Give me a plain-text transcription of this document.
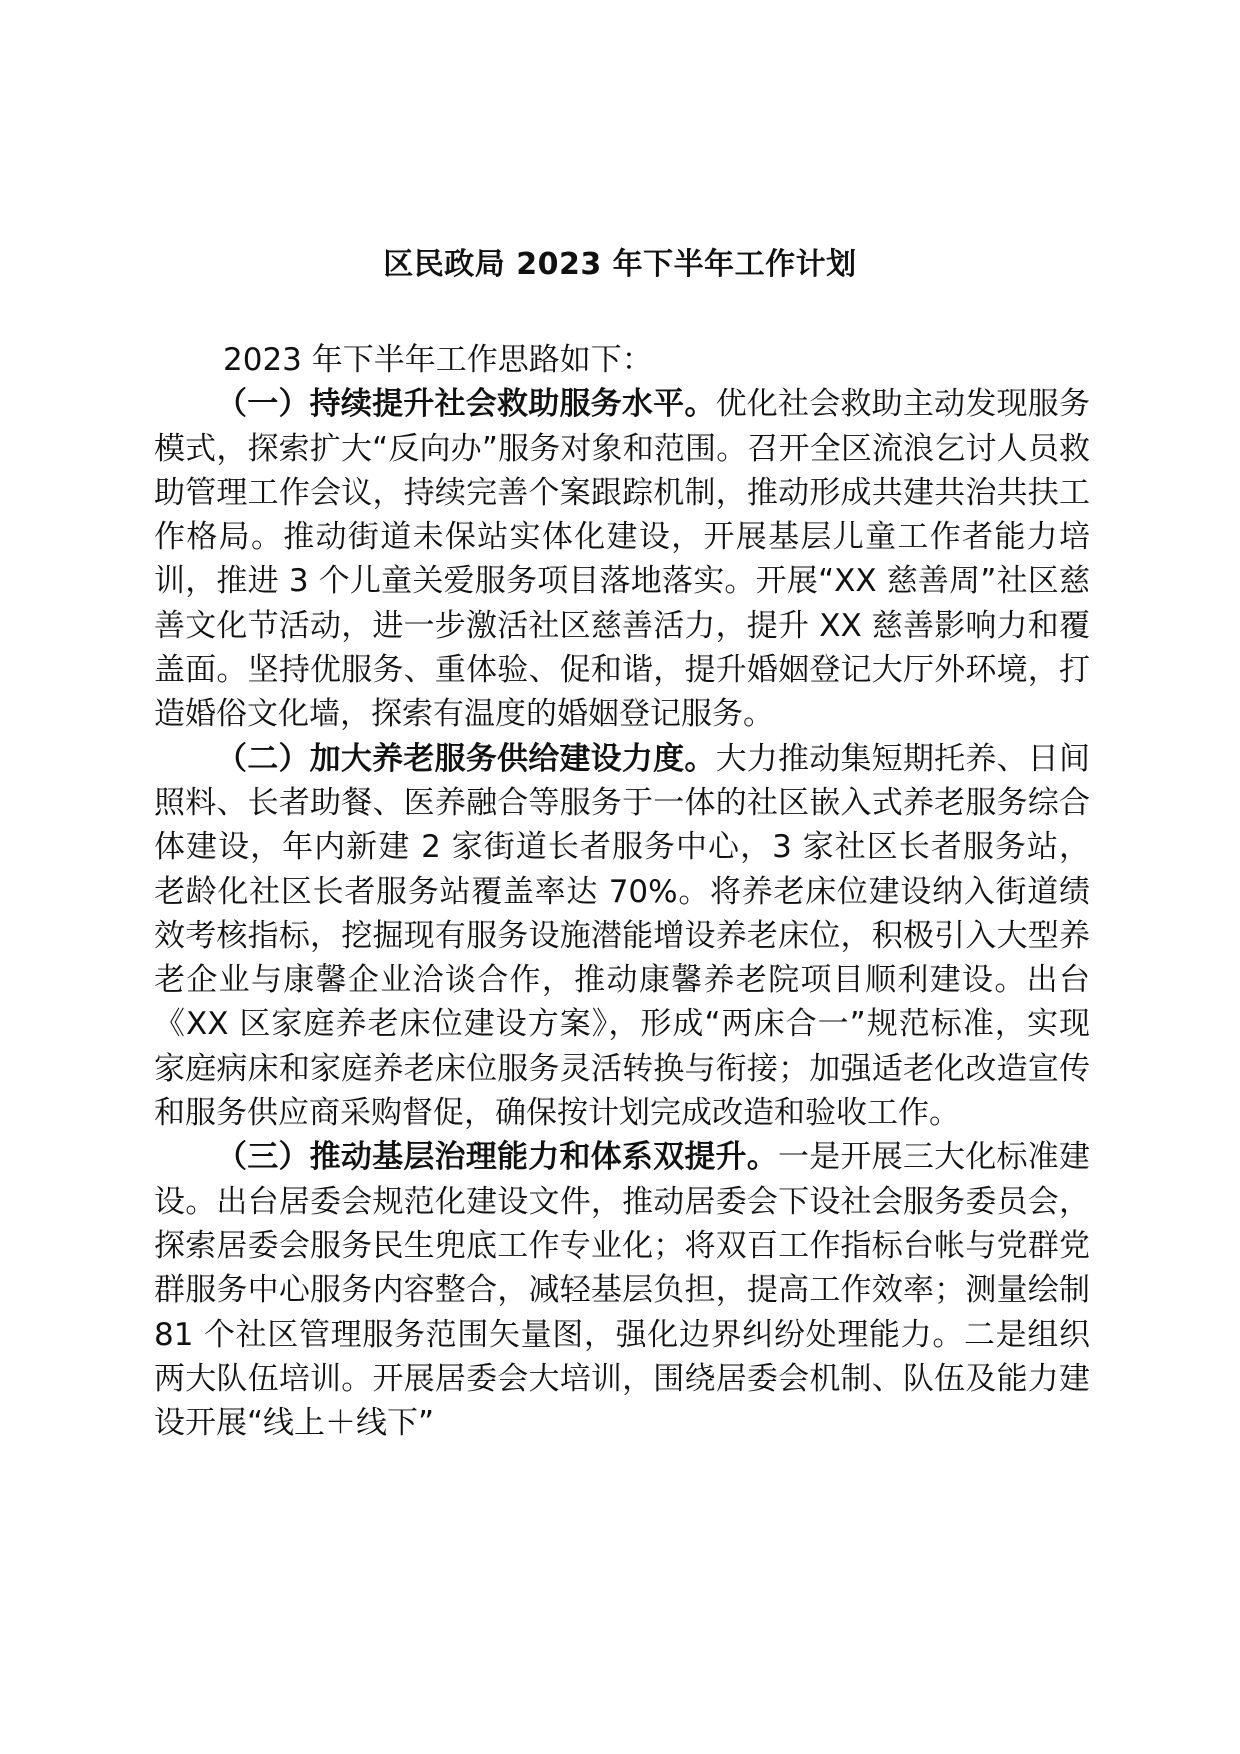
区民政局 2023 年下半年工作计划

2023 年下半年工作思路如下：

（一）持续提升社会救助服务水平。优化社会救助主动发现服务模式，探索扩大“反向办”服务对象和范围。召开全区流浪乞讨人员救助管理工作会议，持续完善个案跟踪机制，推动形成共建共治共扶工作格局。推动街道未保站实体化建设，开展基层儿童工作者能力培训，推进 3 个儿童关爱服务项目落地落实。开展“XX 慈善周”社区慈善文化节活动，进一步激活社区慈善活力，提升 XX 慈善影响力和覆盖面。坚持优服务、重体验、促和谐，提升婚姻登记大厅外环境，打造婚俗文化墙，探索有温度的婚姻登记服务。

（二）加大养老服务供给建设力度。大力推动集短期托养、日间照料、长者助餐、医养融合等服务于一体的社区嵌入式养老服务综合体建设，年内新建 2 家街道长者服务中心，3 家社区长者服务站，老龄化社区长者服务站覆盖率达 70%。将养老床位建设纳入街道绩效考核指标，挖掘现有服务设施潜能增设养老床位，积极引入大型养老企业与康馨企业洽谈合作，推动康馨养老院项目顺利建设。出台《XX 区家庭养老床位建设方案》，形成“两床合一”规范标准，实现家庭病床和家庭养老床位服务灵活转换与衔接；加强适老化改造宣传和服务供应商采购督促，确保按计划完成改造和验收工作。

（三）推动基层治理能力和体系双提升。一是开展三大化标准建设。出台居委会规范化建设文件，推动居委会下设社会服务委员会，探索居委会服务民生兜底工作专业化；将双百工作指标台帐与党群党群服务中心服务内容整合，减轻基层负担，提高工作效率；测量绘制 81 个社区管理服务范围矢量图，强化边界纠纷处理能力。二是组织两大队伍培训。开展居委会大培训，围绕居委会机制、队伍及能力建设开展“线上＋线下”
